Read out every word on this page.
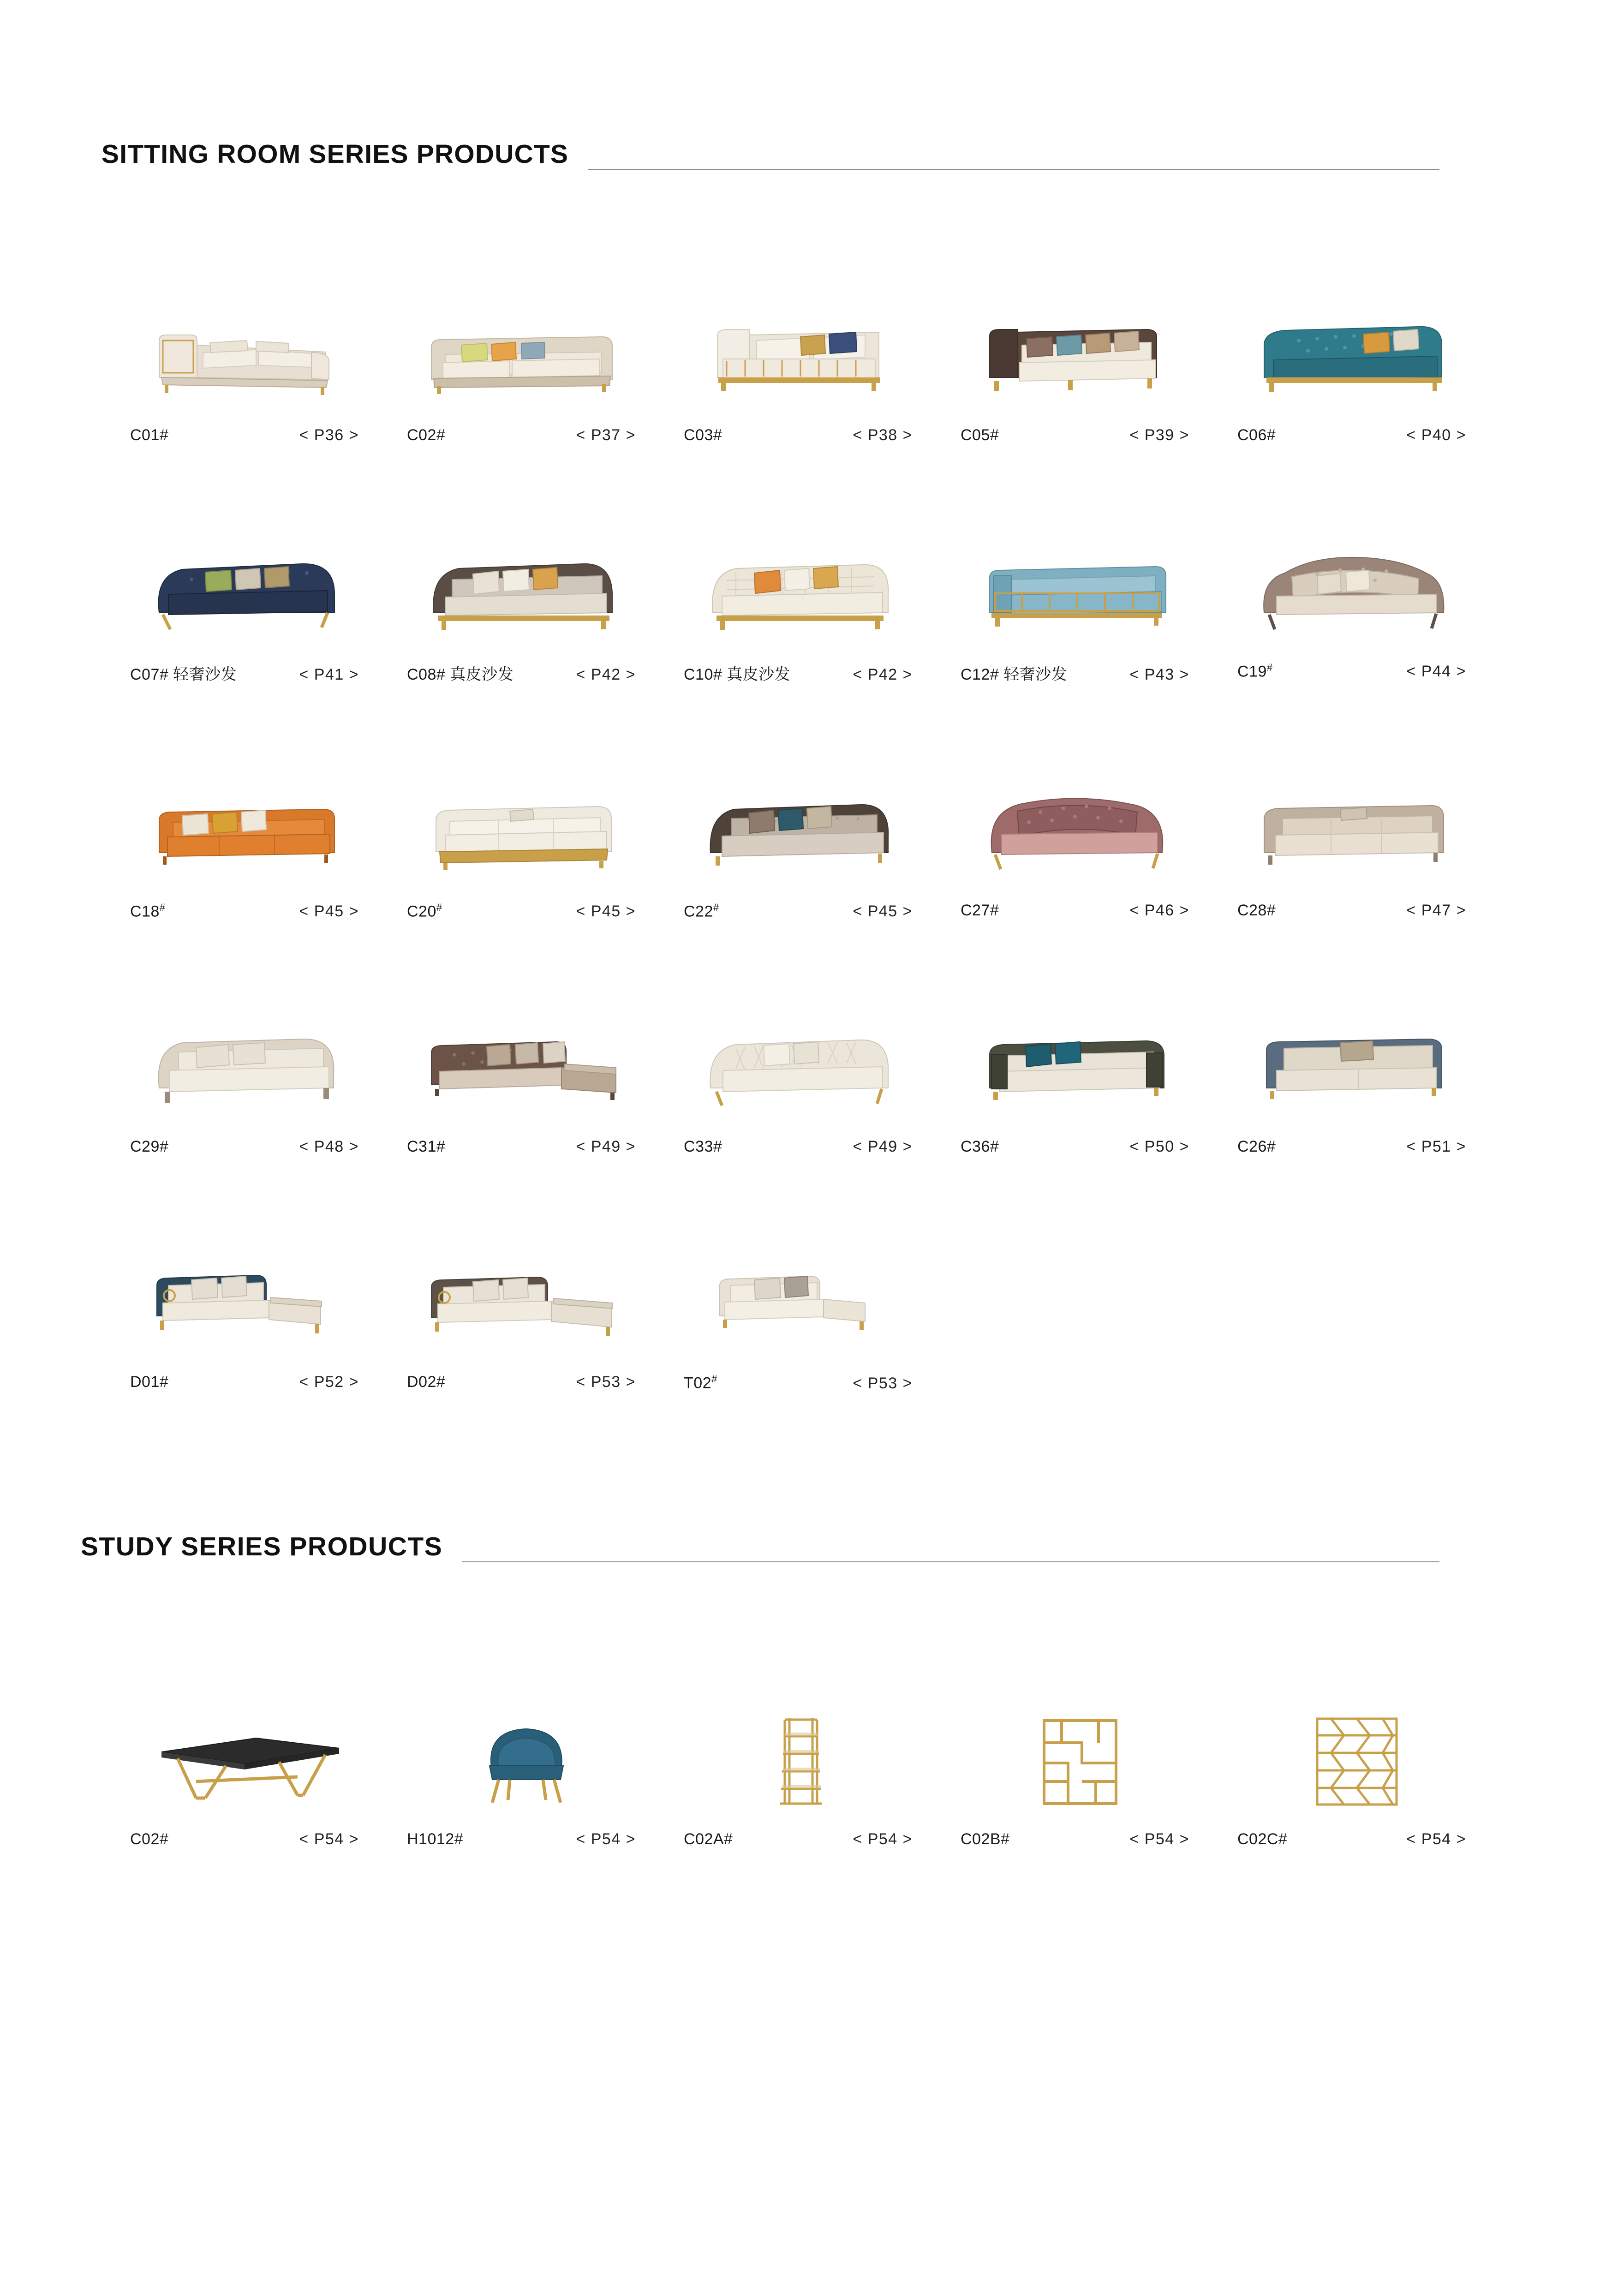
SITTING ROOM SERIES PRODUCTS
C01#	< P36 >	C02#	< P37 >	C03#	< P38 >	C05#	< P39 >	C06#	< P40 >
C07# 轻奢沙发	< P41 >	C08# 真皮沙发	< P42 >	C10# 真皮沙发	< P42 >	C12# 轻奢沙发	< P43 >	C19#	< P44 >
C18#	< P45 >	C20#	< P45 >	C22#	< P45 >	C27#	< P46 >	C28#	< P47 >
C29#	< P48 >	C31#	< P49 >	C33#	< P49 >	C36#	< P50 >	C26#	< P51 >
D01#	< P52 >	D02#	< P53 >	T02#	< P53 >
STUDY SERIES PRODUCTS
C02#	< P54 >	H1012#	< P54 >	C02A#	< P54 >	C02B#	< P54 >	C02C#	< P54 >
